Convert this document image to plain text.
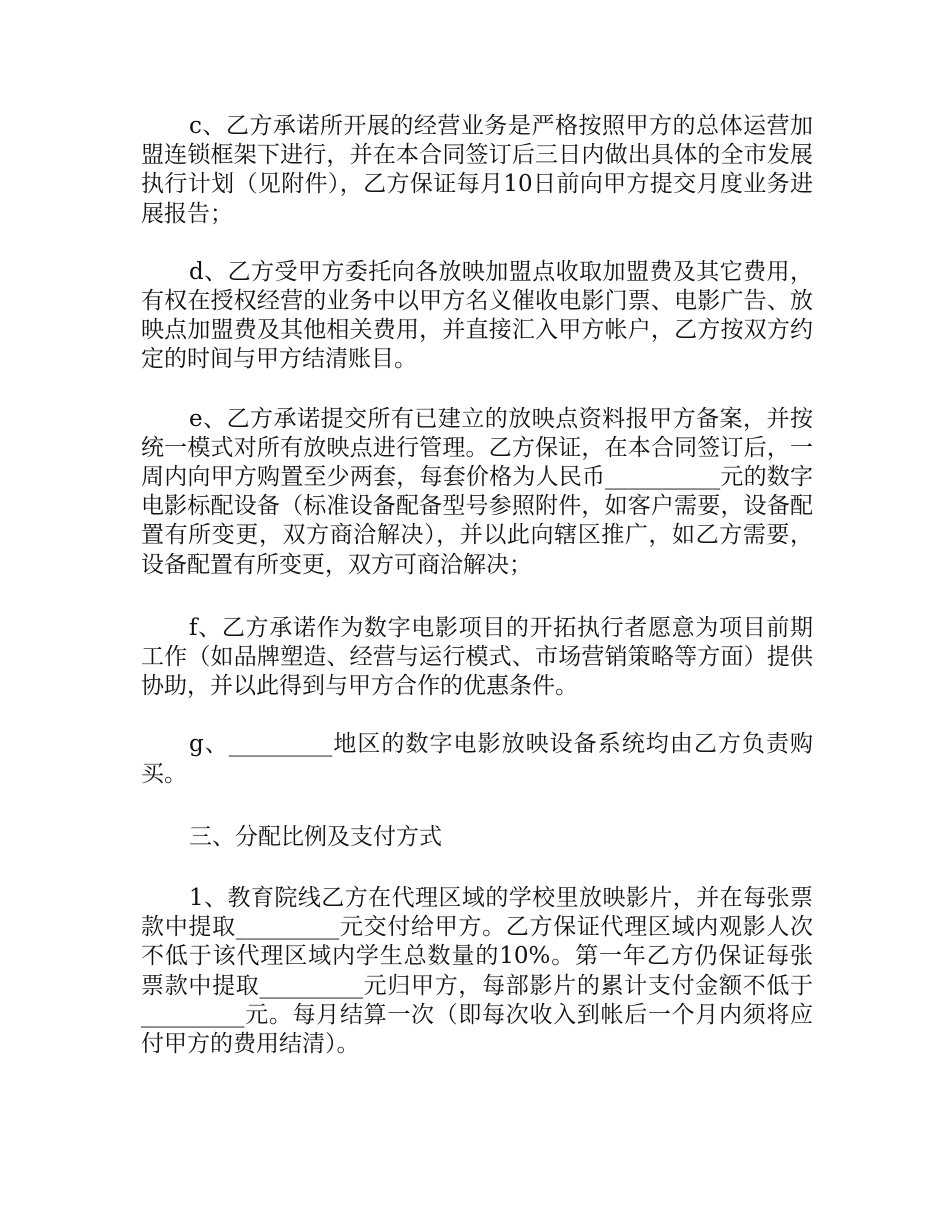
c、乙方承诺所开展的经营业务是严格按照甲方的总体运营加盟连锁框架下进行，并在本合同签订后三日内做出具体的全市发展执行计划（见附件），乙方保证每月10日前向甲方提交月度业务进展报告；

d、乙方受甲方委托向各放映加盟点收取加盟费及其它费用，有权在授权经营的业务中以甲方名义催收电影门票、电影广告、放映点加盟费及其他相关费用，并直接汇入甲方帐户，乙方按双方约定的时间与甲方结清账目。

e、乙方承诺提交所有已建立的放映点资料报甲方备案，并按统一模式对所有放映点进行管理。乙方保证，在本合同签订后，一周内向甲方购置至少两套，每套价格为人民币__________元的数字电影标配设备（标准设备配备型号参照附件，如客户需要，设备配置有所变更，双方商洽解决），并以此向辖区推广，如乙方需要，设备配置有所变更，双方可商洽解决；

f、乙方承诺作为数字电影项目的开拓执行者愿意为项目前期工作（如品牌塑造、经营与运行模式、市场营销策略等方面）提供协助，并以此得到与甲方合作的优惠条件。

g、_________地区的数字电影放映设备系统均由乙方负责购买。

三、分配比例及支付方式

1、教育院线乙方在代理区域的学校里放映影片，并在每张票款中提取_________元交付给甲方。乙方保证代理区域内观影人次不低于该代理区域内学生总数量的10%。第一年乙方仍保证每张票款中提取_________元归甲方，每部影片的累计支付金额不低于_________元。每月结算一次（即每次收入到帐后一个月内须将应付甲方的费用结清）。
